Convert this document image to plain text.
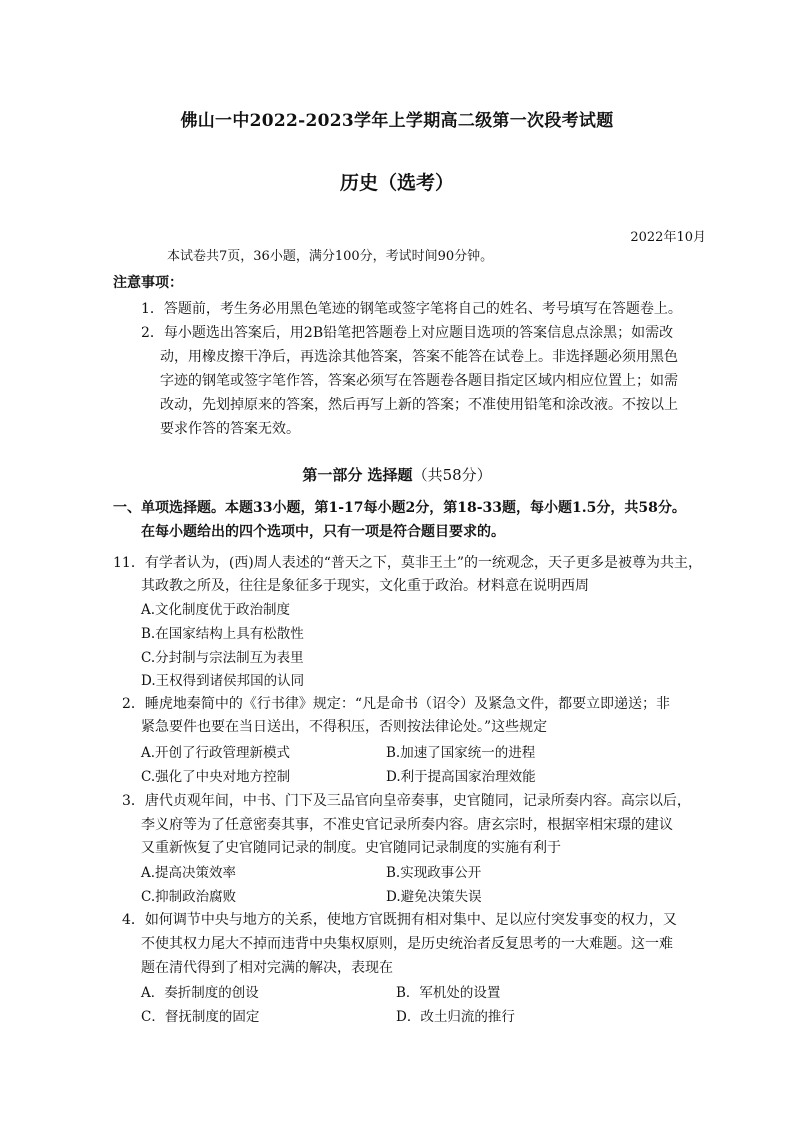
佛山一中2022-2023学年上学期高二级第一次段考试题
历史（选考）
2022年10月
本试卷共7页，36小题，满分100分，考试时间90分钟。
注意事项：
1．答题前，考生务必用黑色笔迹的钢笔或签字笔将自己的姓名、考号填写在答题卷上。
2．每小题选出答案后，用2B铅笔把答题卷上对应题目选项的答案信息点涂黑；如需改
动，用橡皮擦干净后，再选涂其他答案，答案不能答在试卷上。非选择题必须用黑色
字迹的钢笔或签字笔作答，答案必须写在答题卷各题目指定区域内相应位置上；如需
改动，先划掉原来的答案，然后再写上新的答案；不准使用铅笔和涂改液。不按以上
要求作答的答案无效。
第一部分 选择题（共58分）
一、单项选择题。本题33小题，第1-17每小题2分，第18-33题，每小题1.5分，共58分。
在每小题给出的四个选项中，只有一项是符合题目要求的。
11．有学者认为，(西)周人表述的“普天之下，莫非王土”的一统观念，天子更多是被尊为共主，
其政教之所及，往往是象征多于现实，文化重于政治。材料意在说明西周
A.文化制度优于政治制度
B.在国家结构上具有松散性
C.分封制与宗法制互为表里
D.王权得到诸侯邦国的认同
2．睡虎地秦简中的《行书律》规定：“凡是命书（诏令）及紧急文件，都要立即递送；非
紧急要件也要在当日送出，不得积压，否则按法律论处。”这些规定
A.开创了行政管理新模式	B.加速了国家统一的进程
C.强化了中央对地方控制	D.利于提高国家治理效能
3．唐代贞观年间，中书、门下及三品官向皇帝奏事，史官随同，记录所奏内容。高宗以后，
李义府等为了任意密奏其事，不准史官记录所奏内容。唐玄宗时，根据宰相宋璟的建议
又重新恢复了史官随同记录的制度。史官随同记录制度的实施有利于
A.提高决策效率	B.实现政事公开
C.抑制政治腐败	D.避免决策失误
4．如何调节中央与地方的关系，使地方官既拥有相对集中、足以应付突发事变的权力，又
不使其权力尾大不掉而违背中央集权原则，是历史统治者反复思考的一大难题。这一难
题在清代得到了相对完满的解决，表现在
A．奏折制度的创设	B．军机处的设置
C．督抚制度的固定	D．改土归流的推行
